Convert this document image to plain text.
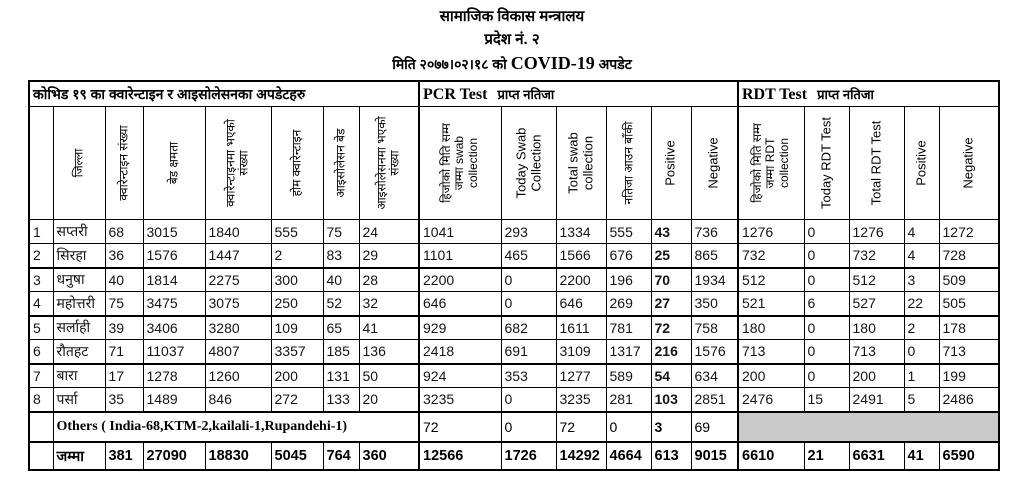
सामाजिक विकास मन्त्रालय
प्रदेश नं. २
मिति २०७७।०२।१८ को COVID-19 अपडेट
कोभिड १९ का क्वारेन्टाइन र आइसोलेसनका अपडेटहरु								PCR Test प्राप्त नतिजा						RDT Test प्राप्त नतिजा				

	जिल्ला	क्वारेन्टाइन संख्या	बेड क्षमता	क्वारेन्टाइनमा भएको संख्या	होम क्वारेन्टाइन	आइसोलेसन बेड	आइसोलेसनमा भएको संख्या	हिजोको मिति सम्म जम्मा swab collection	Today Swab Collection	Total swab collection	नतिजा आउन बाँकी	Positive	Negative	हिजोको मिति सम्म जम्मा RDT collection	Today RDT Test	Total RDT Test	Positive	Negative

1	सप्तरी	68	3015	1840	555	75	24	1041	293	1334	555	43	736	1276	0	1276	4	1272
2	सिरहा	36	1576	1447	2	83	29	1101	465	1566	676	25	865	732	0	732	4	728
3	धनुषा	40	1814	2275	300	40	28	2200	0	2200	196	70	1934	512	0	512	3	509
4	महोत्तरी	75	3475	3075	250	52	32	646	0	646	269	27	350	521	6	527	22	505
5	सर्लाही	39	3406	3280	109	65	41	929	682	1611	781	72	758	180	0	180	2	178
6	रौतहट	71	11037	4807	3357	185	136	2418	691	3109	1317	216	1576	713	0	713	0	713
7	बारा	17	1278	1260	200	131	50	924	353	1277	589	54	634	200	0	200	1	199
8	पर्सा	35	1489	846	272	133	20	3235	0	3235	281	103	2851	2476	15	2491	5	2486
	Others ( India-68,KTM-2,kailali-1,Rupandehi-1)							72	0	72	0	3	69					
	जम्मा	381	27090	18830	5045	764	360	12566	1726	14292	4664	613	9015	6610	21	6631	41	6590
